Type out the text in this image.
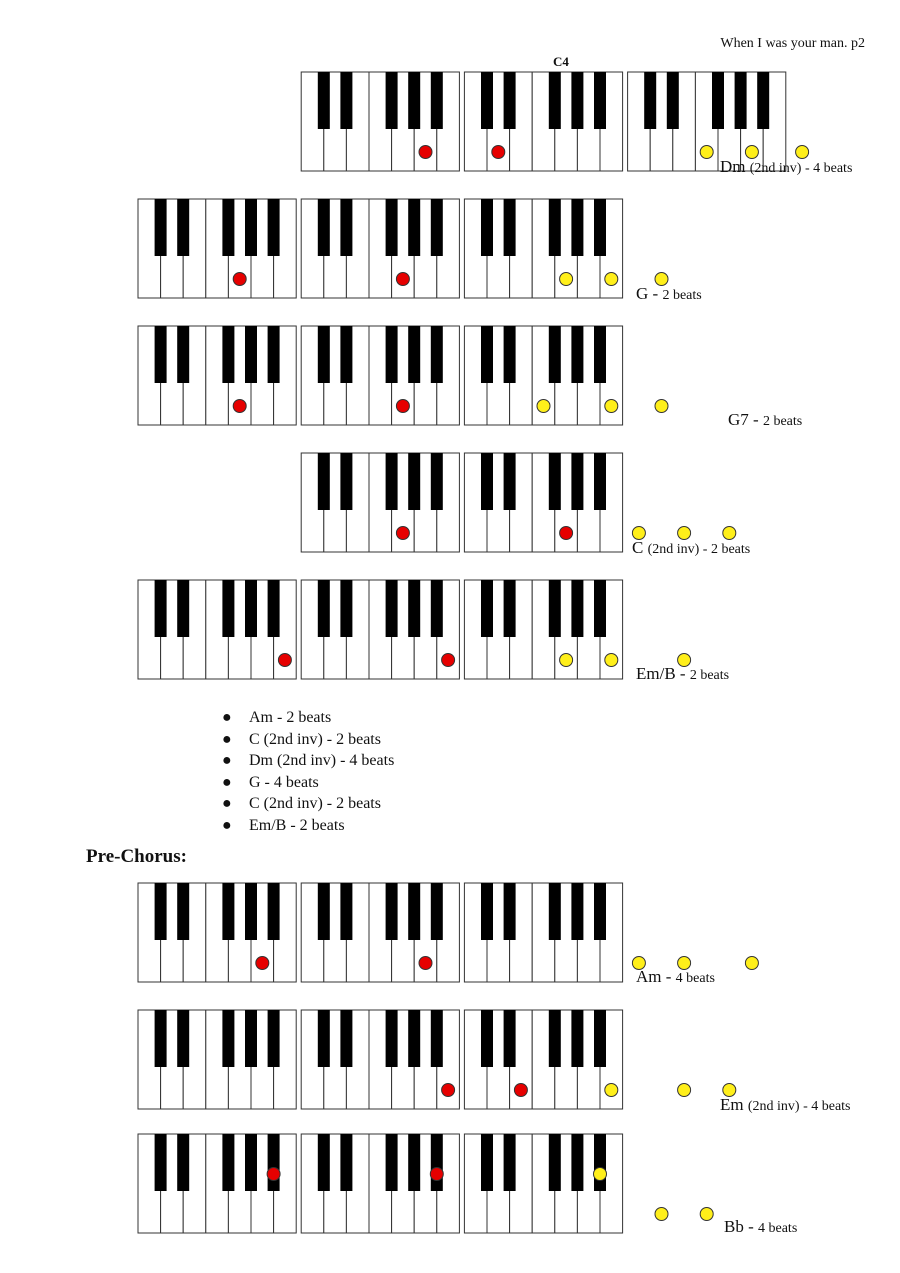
When I was your man. p2
C4
Dm (2nd inv) - 4 beats
G - 2 beats
G7 - 2 beats
C (2nd inv) - 2 beats
Em/B - 2 beats
● Am - 2 beats
● C (2nd inv) - 2 beats
● Dm (2nd inv) - 4 beats
● G - 4 beats
● C (2nd inv) - 2 beats
● Em/B - 2 beats
Pre-Chorus:
Am - 4 beats
Em (2nd inv) - 4 beats
Bb - 4 beats
